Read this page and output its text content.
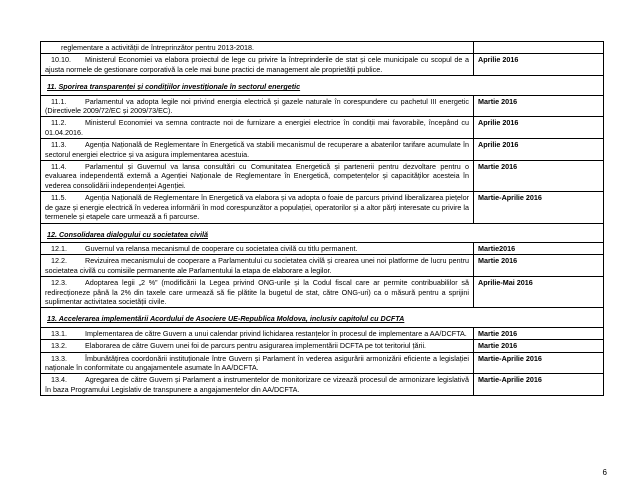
reglementare a activității de întreprinzător pentru 2013-2018.	
10.10. Ministerul Economiei va elabora proiectul de lege cu privire la întreprinderile de stat și cele municipale cu scopul de a ajusta normele de gestionare corporativă la cele mai bune practici de management ale proprietății publice.	Aprilie 2016
11. Sporirea transparenței și condițiilor investiționale în sectorul energetic	
11.1. Parlamentul va adopta legile noi privind energia electrică și gazele naturale în corespundere cu pachetul III energetic (Directivele 2009/72/EC și 2009/73/EC).	Martie 2016
11.2. Ministerul Economiei va semna contracte noi de furnizare a energiei electrice în condiții mai favorabile, începând cu 01.04.2016.	Aprilie 2016
11.3. Agenția Națională de Reglementare în Energetică va stabili mecanismul de recuperare a abaterilor tarifare acumulate în sectorul energiei electrice și va asigura implementarea acestuia.	Aprilie 2016
11.4. Parlamentul și Guvernul va lansa consultări cu Comunitatea Energetică și partenerii pentru dezvoltare pentru o evaluarea independentă externă a Agenției Naționale de Reglementare în Energetică, competențelor și capacităților acesteia în vederea consolidării independenței Agenției.	Martie 2016
11.5. Agenția Națională de Reglementare în Energetică va elabora și va adopta o foaie de parcurs privind liberalizarea piețelor de gaze și energie electrică în vederea informării în mod corespunzător a populației, operatorilor și a altor părți interesate cu privire la termenele și etapele care urmează a fi parcurse.	Martie-Aprilie 2016
12. Consolidarea dialogului cu societatea civilă	
12.1. Guvernul va relansa mecanismul de cooperare cu societatea civilă cu titlu permanent.	Martie2016
12.2. Revizuirea mecanismului de cooperare a Parlamentului cu societatea civilă și crearea unei noi platforme de lucru pentru societatea civilă cu comisiile permanente ale Parlamentului la etapa de elaborare a legilor.	Martie 2016
12.3. Adoptarea legii „2 %” (modificării la Legea privind ONG-urile și la Codul fiscal care ar permite contribuabililor să redirecționeze până la 2% din taxele care urmează să fie plătite la bugetul de stat, către ONG-uri) ca o măsură pentru a sprijini suplimentar activitatea societății civile.	Aprilie-Mai 2016
13. Accelerarea implementării Acordului de Asociere UE-Republica Moldova, inclusiv capitolul cu DCFTA	
13.1. Implementarea de către Guvern a unui calendar privind lichidarea restanțelor în procesul de implementare a AA/DCFTA.	Martie 2016
13.2. Elaborarea de către Guvern unei foi de parcurs pentru asigurarea implementării DCFTA pe tot teritoriul țării.	Martie 2016
13.3. Îmbunătățirea coordonării instituționale între Guvern și Parlament în vederea asigurării armonizării eficiente a legislației naționale în conformitate cu angajamentele asumate în AA/DCFTA.	Martie-Aprilie 2016
13.4. Agregarea de către Guvern și Parlament a instrumentelor de monitorizare ce vizează procesul de armonizare legislativă în baza Programului Legislativ de transpunere a angajamentelor din AA/DCFTA.	Martie-Aprilie 2016
6
